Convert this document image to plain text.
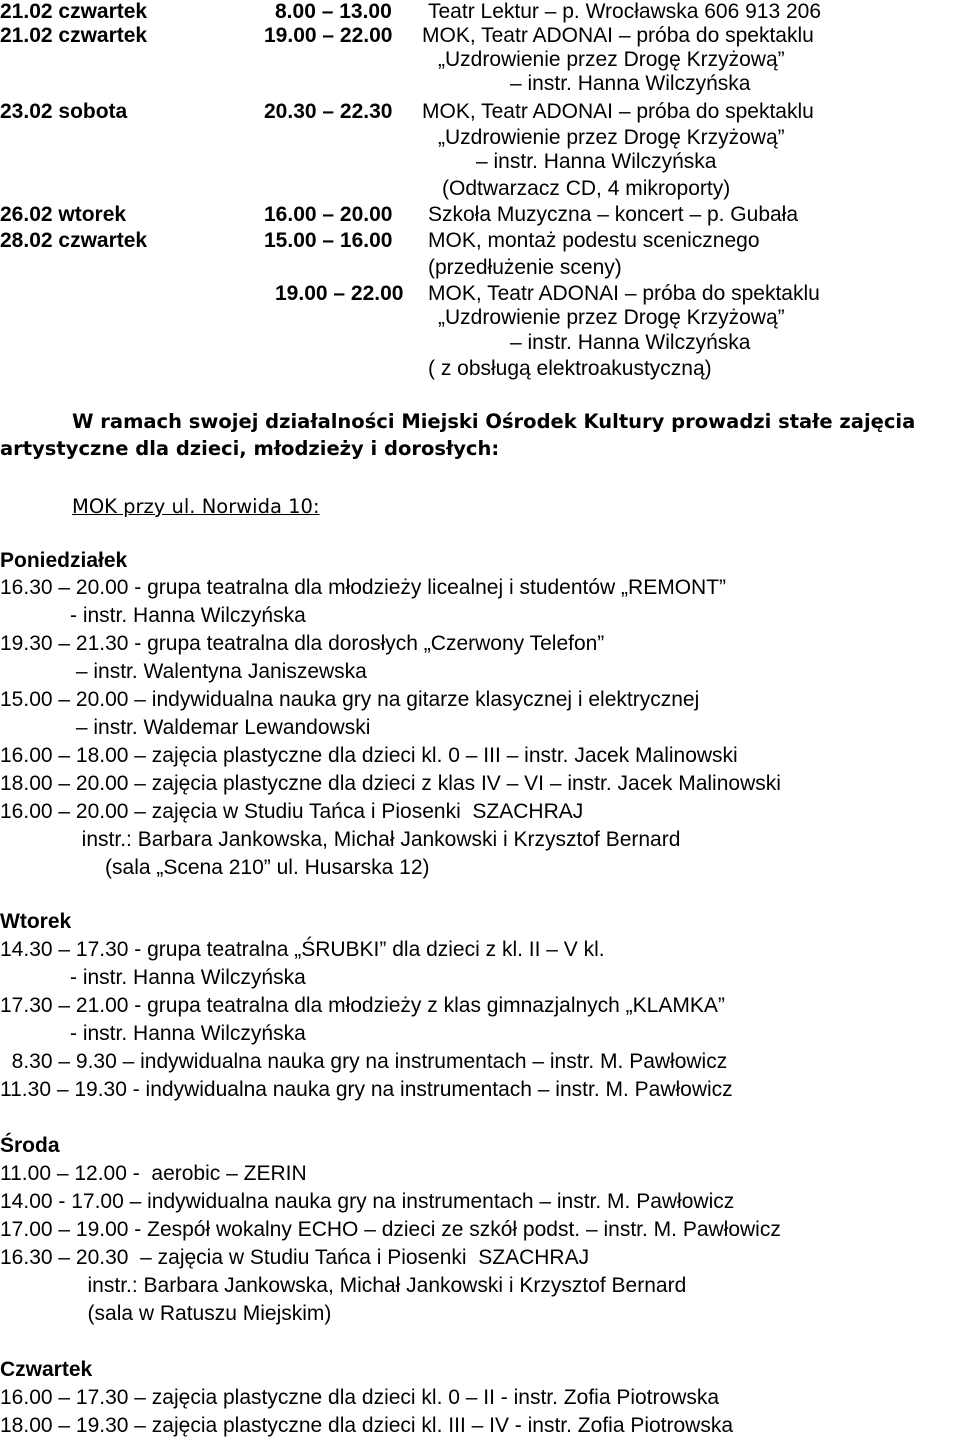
21.02 czwartek	8.00 – 13.00 Teatr Lektur – p. Wrocławska 606 913 206
21.02 czwartek	19.00 – 22.00 MOK, Teatr ADONAI – próba do spektaklu
„Uzdrowienie przez Drogę Krzyżową”
– instr. Hanna Wilczyńska
23.02 sobota	20.30 – 22.30 MOK, Teatr ADONAI – próba do spektaklu
„Uzdrowienie przez Drogę Krzyżową”
– instr. Hanna Wilczyńska
(Odtwarzacz CD, 4 mikroporty)
26.02 wtorek	16.00 – 20.00 Szkoła Muzyczna – koncert – p. Gubała
28.02 czwartek	15.00 – 16.00 MOK, montaż podestu scenicznego
(przedłużenie sceny)
19.00 – 22.00 MOK, Teatr ADONAI – próba do spektaklu
„Uzdrowienie przez Drogę Krzyżową”
– instr. Hanna Wilczyńska
( z obsługą elektroakustyczną)
W ramach swojej działalności Miejski Ośrodek Kultury prowadzi stałe zajęcia
artystyczne dla dzieci, młodzieży i dorosłych:
MOK przy ul. Norwida 10:
Poniedziałek
16.30 – 20.00 - grupa teatralna dla młodzieży licealnej i studentów „REMONT”
- instr. Hanna Wilczyńska
19.30 – 21.30 - grupa teatralna dla dorosłych „Czerwony Telefon”
– instr. Walentyna Janiszewska
15.00 – 20.00 – indywidualna nauka gry na gitarze klasycznej i elektrycznej
– instr. Waldemar Lewandowski
16.00 – 18.00 – zajęcia plastyczne dla dzieci kl. 0 – III – instr. Jacek Malinowski
18.00 – 20.00 – zajęcia plastyczne dla dzieci z klas IV – VI – instr. Jacek Malinowski
16.00 – 20.00 – zajęcia w Studiu Tańca i Piosenki  SZACHRAJ
instr.: Barbara Jankowska, Michał Jankowski i Krzysztof Bernard
(sala „Scena 210” ul. Husarska 12)
Wtorek
14.30 – 17.30 - grupa teatralna „ŚRUBKI” dla dzieci z kl. II – V kl.
- instr. Hanna Wilczyńska
17.30 – 21.00 - grupa teatralna dla młodzieży z klas gimnazjalnych „KLAMKA”
- instr. Hanna Wilczyńska
8.30 – 9.30 – indywidualna nauka gry na instrumentach – instr. M. Pawłowicz
11.30 – 19.30 - indywidualna nauka gry na instrumentach – instr. M. Pawłowicz
Środa
11.00 – 12.00 -  aerobic – ZERIN
14.00 - 17.00 – indywidualna nauka gry na instrumentach – instr. M. Pawłowicz
17.00 – 19.00 - Zespół wokalny ECHO – dzieci ze szkół podst. – instr. M. Pawłowicz
16.30 – 20.30  – zajęcia w Studiu Tańca i Piosenki  SZACHRAJ
instr.: Barbara Jankowska, Michał Jankowski i Krzysztof Bernard
(sala w Ratuszu Miejskim)
Czwartek
16.00 – 17.30 – zajęcia plastyczne dla dzieci kl. 0 – II - instr. Zofia Piotrowska
18.00 – 19.30 – zajęcia plastyczne dla dzieci kl. III – IV - instr. Zofia Piotrowska
